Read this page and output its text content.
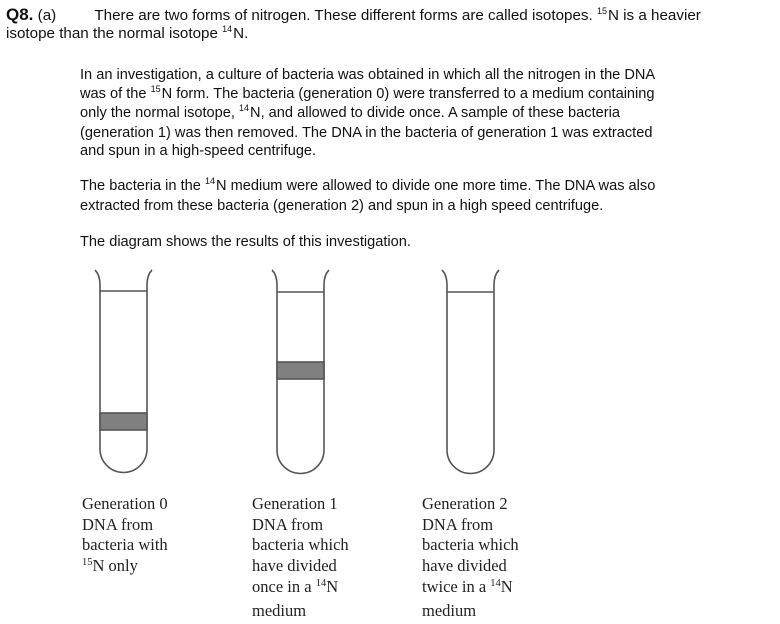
Q8. (a)	There are two forms of nitrogen. These different forms are called isotopes. $^{15}$N is a heavier
isotope than the normal isotope $^{14}$N.
In an investigation, a culture of bacteria was obtained in which all the nitrogen in the DNA
was of the $^{15}$N form. The bacteria (generation 0) were transferred to a medium containing
only the normal isotope, $^{14}$N, and allowed to divide once. A sample of these bacteria
(generation 1) was then removed. The DNA in the bacteria of generation 1 was extracted
and spun in a high-speed centrifuge.
The bacteria in the $^{14}$N medium were allowed to divide one more time. The DNA was also
extracted from these bacteria (generation 2) and spun in a high speed centrifuge.
The diagram shows the results of this investigation.
Generation 0
DNA from
bacteria with
$^{15}$N only
Generation 1
DNA from
bacteria which
have divided
once in a $^{14}$N
medium
Generation 2
DNA from
bacteria which
have divided
twice in a $^{14}$N
medium
